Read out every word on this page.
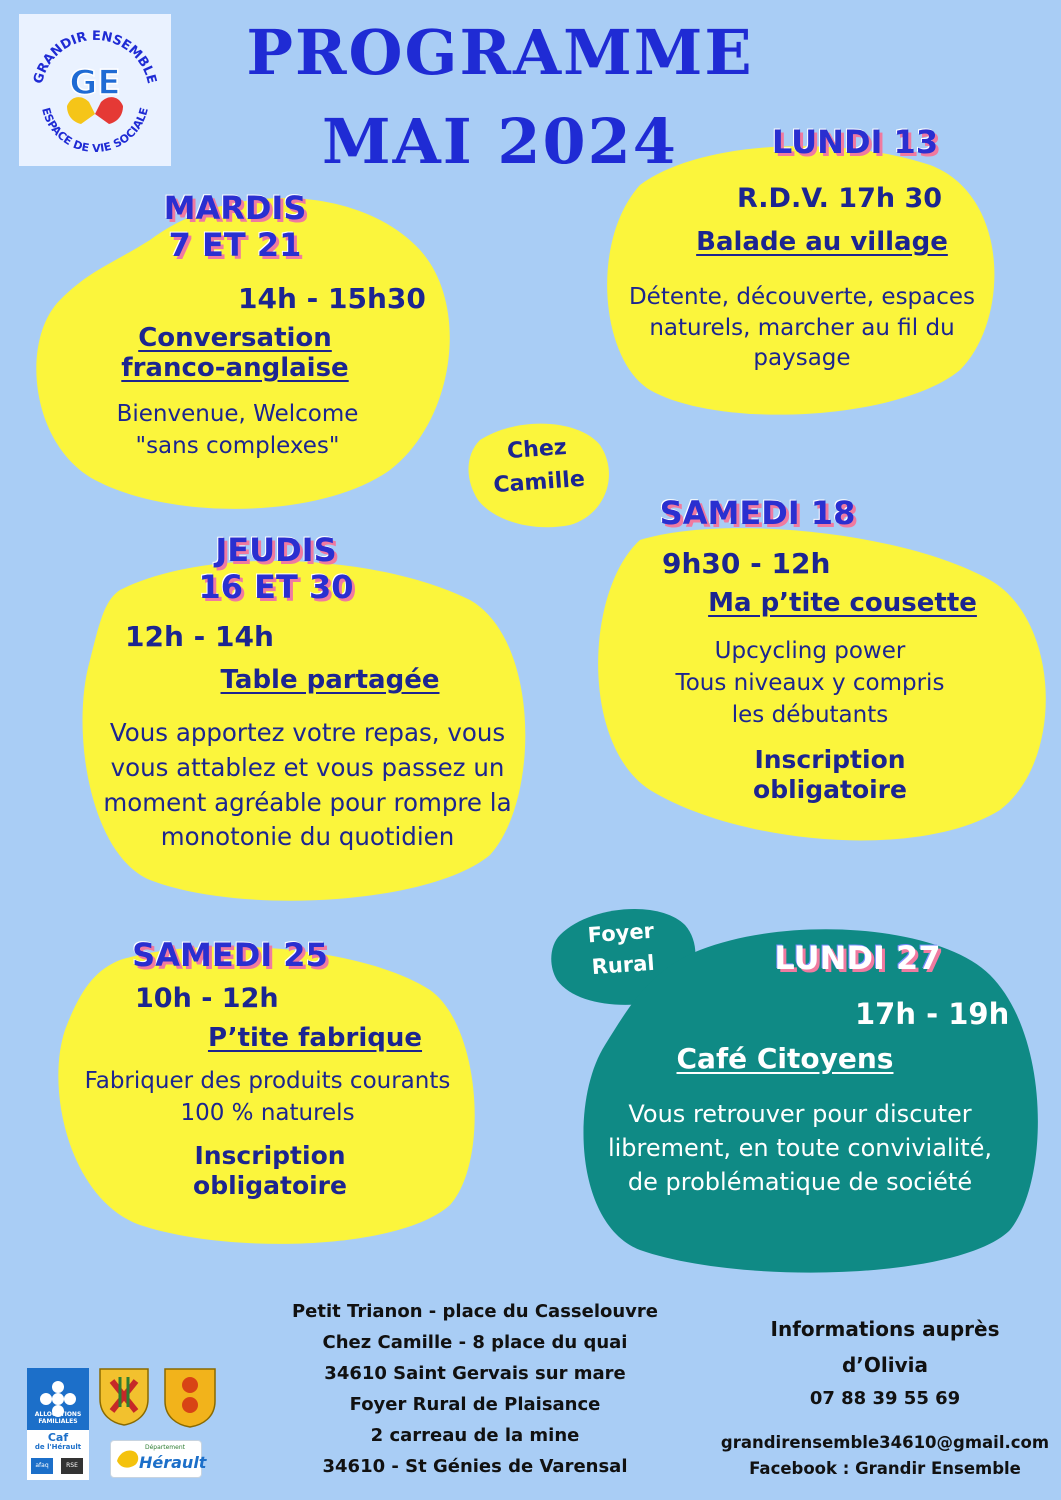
GRANDIR ENSEMBLE
ESPACE DE VIE SOCIALE
GE	PROGRAMME
MAI 2024
MARDIS
7 ET 21
14h - 15h30
Conversation
franco-anglaise
Bienvenue, Welcome
"sans complexes"
LUNDI 13
R.D.V. 17h 30
Balade au village
Détente, découverte, espaces
naturels, marcher au fil du
paysage
Chez
Camille
JEUDIS
16 ET 30
12h - 14h
Table partagée
Vous apportez votre repas, vous
vous attablez et vous passez un
moment agréable pour rompre la
monotonie du quotidien
SAMEDI 18
9h30 - 12h
Ma p’tite cousette
Upcycling power
Tous niveaux y compris
les débutants
Inscription
obligatoire
SAMEDI 25
10h - 12h
P’tite fabrique
Fabriquer des produits courants
100 % naturels
Inscription
obligatoire
Foyer
Rural	LUNDI 27
17h - 19h
Café Citoyens
Vous retrouver pour discuter
librement, en toute convivialité,
de problématique de société
Petit Trianon - place du Casselouvre
Chez Camille - 8 place du quai
34610 Saint Gervais sur mare
Foyer Rural de Plaisance
2 carreau de la mine
34610 - St Génies de Varensal
Informations auprès
d’Olivia
07 88 39 55 69
grandirensemble34610@gmail.com
Facebook : Grandir Ensemble
ALLOCATIONS
FAMILIALES
Caf
de l'Hérault
afaq	RSE
Département
Hérault
